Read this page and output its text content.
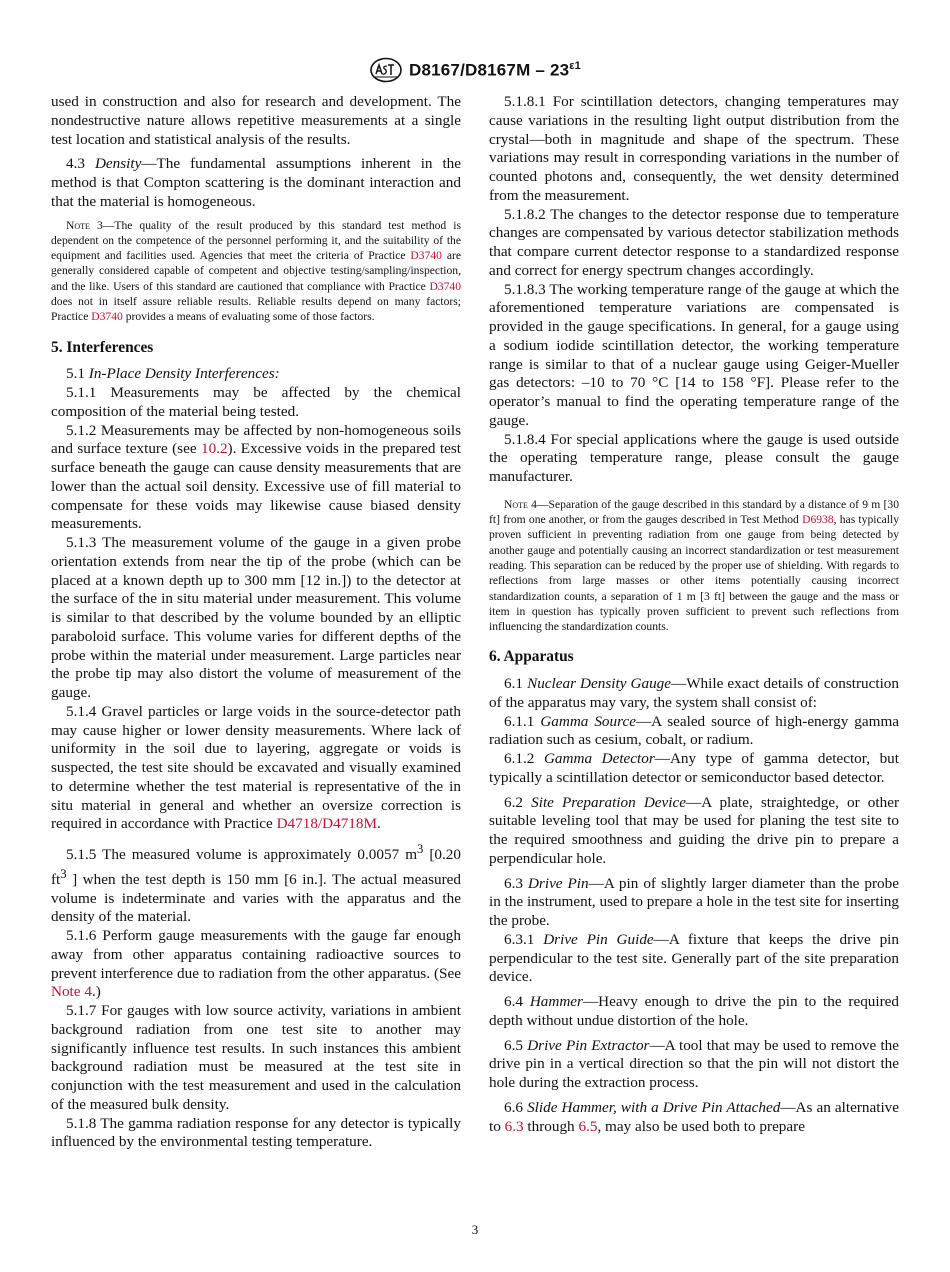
$D8167/D8167M - 23^{\varepsilon 1}$

used in construction and also for research and development. The nondestructive nature allows repetitive measurements at a single test location and statistical analysis of the results.

4.3 Density—The fundamental assumptions inherent in the method is that Compton scattering is the dominant interaction and that the material is homogeneous.

Note 3—The quality of the result produced by this standard test method is dependent on the competence of the personnel performing it, and the suitability of the equipment and facilities used. Agencies that meet the criteria of Practice D3740 are generally considered capable of competent and objective testing/sampling/inspection, and the like. Users of this standard are cautioned that compliance with Practice D3740 does not in itself assure reliable results. Reliable results depend on many factors; Practice D3740 provides a means of evaluating some of those factors.
5. Interferences

5.1 In-Place Density Interferences:

5.1.1 Measurements may be affected by the chemical composition of the material being tested.

5.1.2 Measurements may be affected by non-homogeneous soils and surface texture (see 10.2). Excessive voids in the prepared test surface beneath the gauge can cause density measurements that are lower than the actual soil density. Excessive use of fill material to compensate for these voids may likewise cause biased density measurements.

5.1.3 The measurement volume of the gauge in a given probe orientation extends from near the tip of the probe (which can be placed at a known depth up to 300 mm [12 in.]) to the detector at the surface of the in situ material under measurement. This volume is similar to that described by the volume bounded by an elliptic paraboloid surface. This volume varies for different depths of the probe within the material under measurement. Large particles near the probe tip may also distort the volume of measurement of the gauge.

5.1.4 Gravel particles or large voids in the source-detector path may cause higher or lower density measurements. Where lack of uniformity in the soil due to layering, aggregate or voids is suspected, the test site should be excavated and visually examined to determine whether the test material is representative of the in situ material in general and whether an oversize correction is required in accordance with Practice D4718/D4718M.

5.1.5 The measured volume is approximately 0.0057 $m^3$ [0.20 $ft^3$ ] when the test depth is 150 mm [6 in.]. The actual measured volume is indeterminate and varies with the apparatus and the density of the material.

5.1.6 Perform gauge measurements with the gauge far enough away from other apparatus containing radioactive sources to prevent interference due to radiation from the other apparatus. (See Note 4.)

5.1.7 For gauges with low source activity, variations in ambient background radiation from one test site to another may significantly influence test results. In such instances this ambient background radiation must be measured at the test site in conjunction with the test measurement and used in the calculation of the measured bulk density.

5.1.8 The gamma radiation response for any detector is typically influenced by the environmental testing temperature.

5.1.8.1 For scintillation detectors, changing temperatures may cause variations in the resulting light output distribution from the crystal—both in magnitude and shape of the spectrum. These variations may result in corresponding variations in the number of counted photons and, consequently, the wet density determined from the measurement.

5.1.8.2 The changes to the detector response due to temperature changes are compensated by various detector stabilization methods that compare current detector response to a standardized response and correct for energy spectrum changes accordingly.

5.1.8.3 The working temperature range of the gauge at which the aforementioned temperature variations are compensated is provided in the gauge specifications. In general, for a gauge using a sodium iodide scintillation detector, the working temperature range is similar to that of a nuclear gauge using Geiger-Mueller gas detectors: –10 to 70 °C [14 to 158 °F]. Please refer to the operator’s manual to find the operating temperature range of the gauge.

5.1.8.4 For special applications where the gauge is used outside the operating temperature range, please consult the gauge manufacturer.

Note 4—Separation of the gauge described in this standard by a distance of 9 m [30 ft] from one another, or from the gauges described in Test Method D6938, has typically proven sufficient in preventing radiation from one gauge from being detected by another gauge and potentially causing an incorrect standardization or test measurement reading. This separation can be reduced by the proper use of shielding. With regards to reflections from large masses or other items potentially causing incorrect standardization counts, a separation of 1 m [3 ft] between the gauge and the mass or item in question has typically proven sufficient to prevent such reflections from influencing the standardization counts.
6. Apparatus

6.1 Nuclear Density Gauge—While exact details of construction of the apparatus may vary, the system shall consist of:

6.1.1 Gamma Source—A sealed source of high-energy gamma radiation such as cesium, cobalt, or radium.

6.1.2 Gamma Detector—Any type of gamma detector, but typically a scintillation detector or semiconductor based detector.

6.2 Site Preparation Device—A plate, straightedge, or other suitable leveling tool that may be used for planing the test site to the required smoothness and guiding the drive pin to prepare a perpendicular hole.

6.3 Drive Pin—A pin of slightly larger diameter than the probe in the instrument, used to prepare a hole in the test site for inserting the probe.

6.3.1 Drive Pin Guide—A fixture that keeps the drive pin perpendicular to the test site. Generally part of the site preparation device.

6.4 Hammer—Heavy enough to drive the pin to the required depth without undue distortion of the hole.

6.5 Drive Pin Extractor—A tool that may be used to remove the drive pin in a vertical direction so that the pin will not distort the hole during the extraction process.

6.6 Slide Hammer, with a Drive Pin Attached—As an alternative to 6.3 through 6.5, may also be used both to prepare

3
